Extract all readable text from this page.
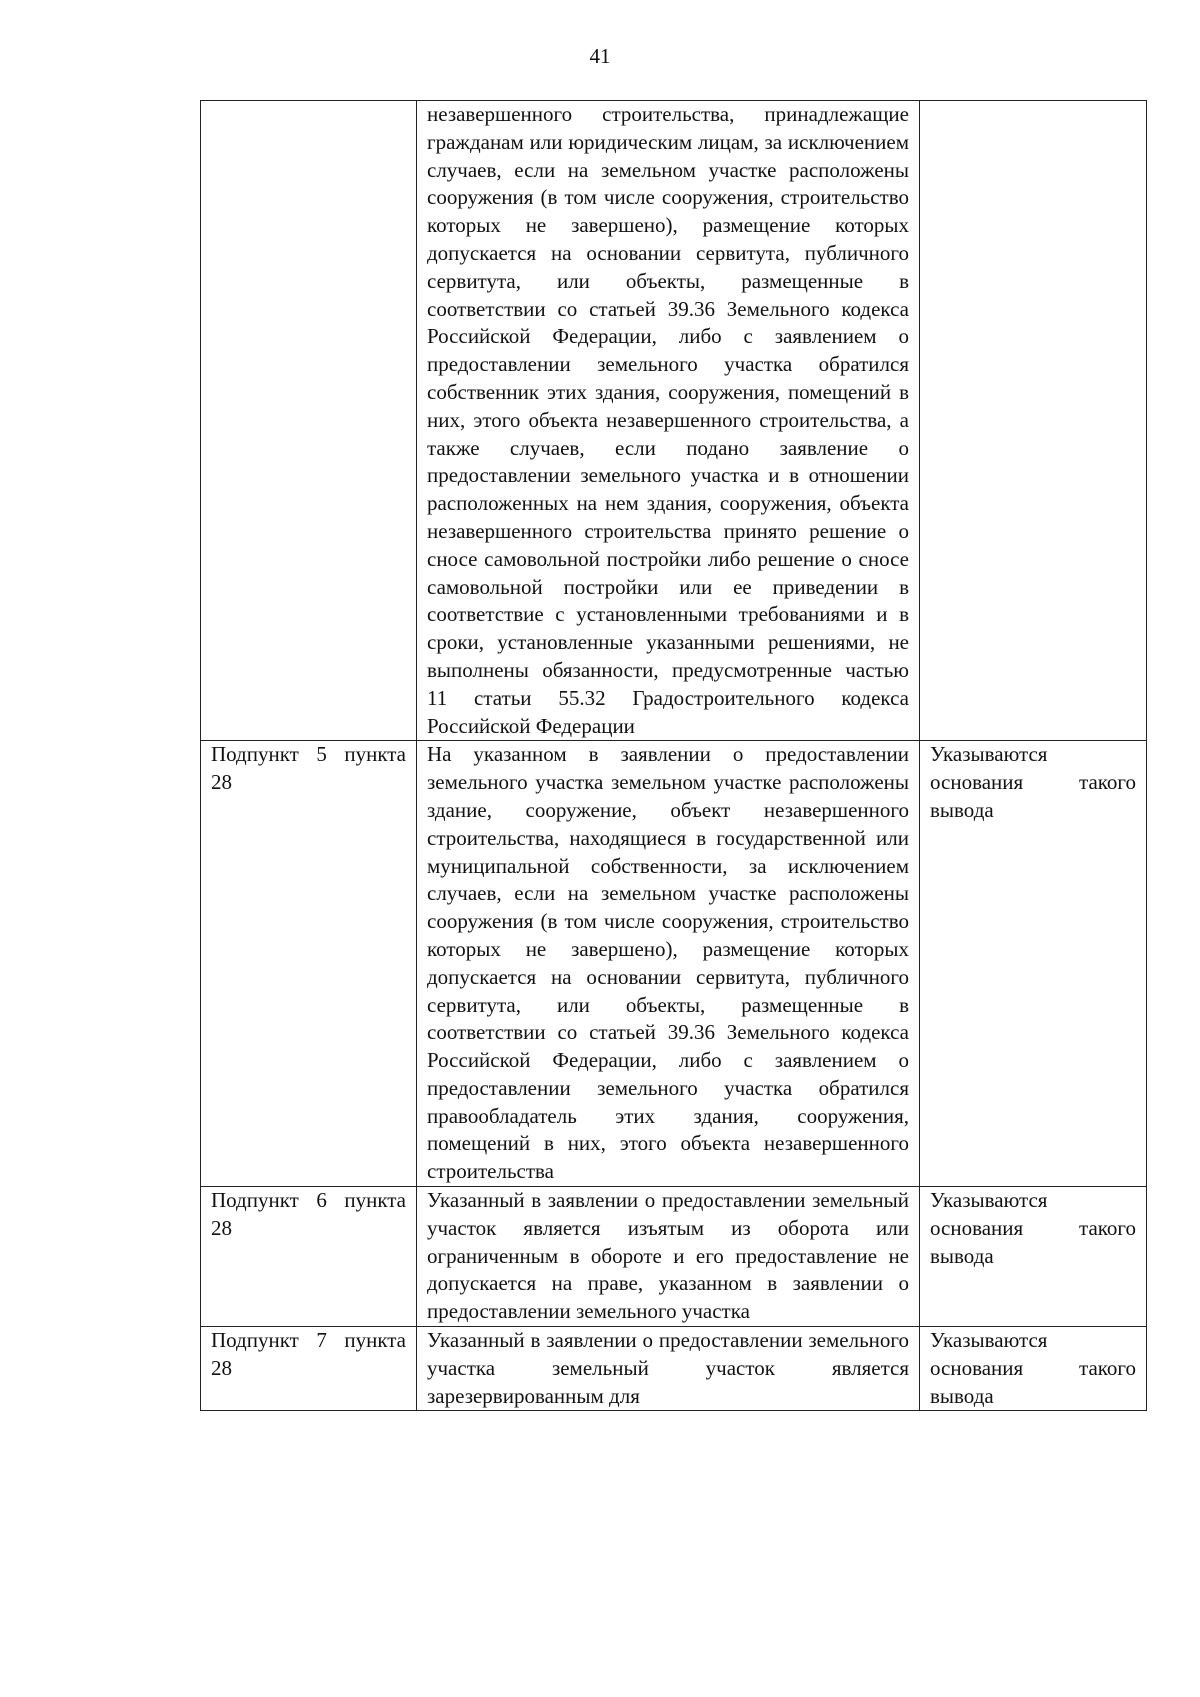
41
	незавершенного строительства, принадлежащие гражданам или юридическим лицам, за исключением случаев, если на земельном участке расположены сооружения (в том числе сооружения, строительство которых не завершено), размещение которых допускается на основании сервитута, публичного сервитута, или объекты, размещенные в соответствии со статьей 39.36 Земельного кодекса Российской Федерации, либо с заявлением о предоставлении земельного участка обратился собственник этих здания, сооружения, помещений в них, этого объекта незавершенного строительства, а также случаев, если подано заявление о предоставлении земельного участка и в отношении расположенных на нем здания, сооружения, объекта незавершенного строительства принято решение о сносе самовольной постройки либо решение о сносе самовольной постройки или ее приведении в соответствие с установленными требованиями и в сроки, установленные указанными решениями, не выполнены обязанности, предусмотренные частью 11 статьи 55.32 Градостроительного кодекса Российской Федерации	
Подпункт 5 пункта 28	На указанном в заявлении о предоставлении земельного участка земельном участке расположены здание, сооружение, объект незавершенного строительства, находящиеся в государственной или муниципальной собственности, за исключением случаев, если на земельном участке расположены сооружения (в том числе сооружения, строительство которых не завершено), размещение которых допускается на основании сервитута, публичного сервитута, или объекты, размещенные в соответствии со статьей 39.36 Земельного кодекса Российской Федерации, либо с заявлением о предоставлении земельного участка обратился правообладатель этих здания, сооружения, помещений в них, этого объекта незавершенного строительства	Указываются основания такого вывода
Подпункт 6 пункта 28	Указанный в заявлении о предоставлении земельный участок является изъятым из оборота или ограниченным в обороте и его предоставление не допускается на праве, указанном в заявлении о предоставлении земельного участка	Указываются основания такого вывода
Подпункт 7 пункта 28	Указанный в заявлении о предоставлении земельного участка земельный участок является зарезервированным для	Указываются основания такого вывода
